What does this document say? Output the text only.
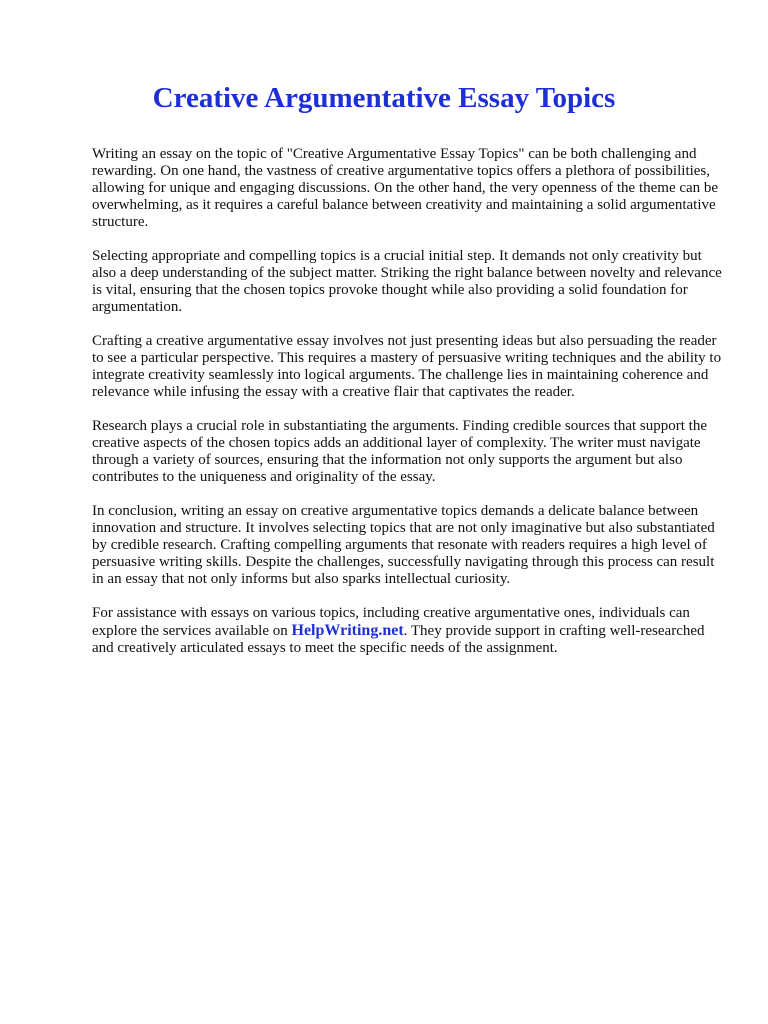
Creative Argumentative Essay Topics

Writing an essay on the topic of "Creative Argumentative Essay Topics" can be both challenging and rewarding. On one hand, the vastness of creative argumentative topics offers a plethora of possibilities, allowing for unique and engaging discussions. On the other hand, the very openness of the theme can be overwhelming, as it requires a careful balance between creativity and maintaining a solid argumentative structure.

Selecting appropriate and compelling topics is a crucial initial step. It demands not only creativity but also a deep understanding of the subject matter. Striking the right balance between novelty and relevance is vital, ensuring that the chosen topics provoke thought while also providing a solid foundation for argumentation.

Crafting a creative argumentative essay involves not just presenting ideas but also persuading the reader to see a particular perspective. This requires a mastery of persuasive writing techniques and the ability to integrate creativity seamlessly into logical arguments. The challenge lies in maintaining coherence and relevance while infusing the essay with a creative flair that captivates the reader.

Research plays a crucial role in substantiating the arguments. Finding credible sources that support the creative aspects of the chosen topics adds an additional layer of complexity. The writer must navigate through a variety of sources, ensuring that the information not only supports the argument but also contributes to the uniqueness and originality of the essay.

In conclusion, writing an essay on creative argumentative topics demands a delicate balance between innovation and structure. It involves selecting topics that are not only imaginative but also substantiated by credible research. Crafting compelling arguments that resonate with readers requires a high level of persuasive writing skills. Despite the challenges, successfully navigating through this process can result in an essay that not only informs but also sparks intellectual curiosity.

For assistance with essays on various topics, including creative argumentative ones, individuals can explore the services available on HelpWriting.net. They provide support in crafting well-researched and creatively articulated essays to meet the specific needs of the assignment.
